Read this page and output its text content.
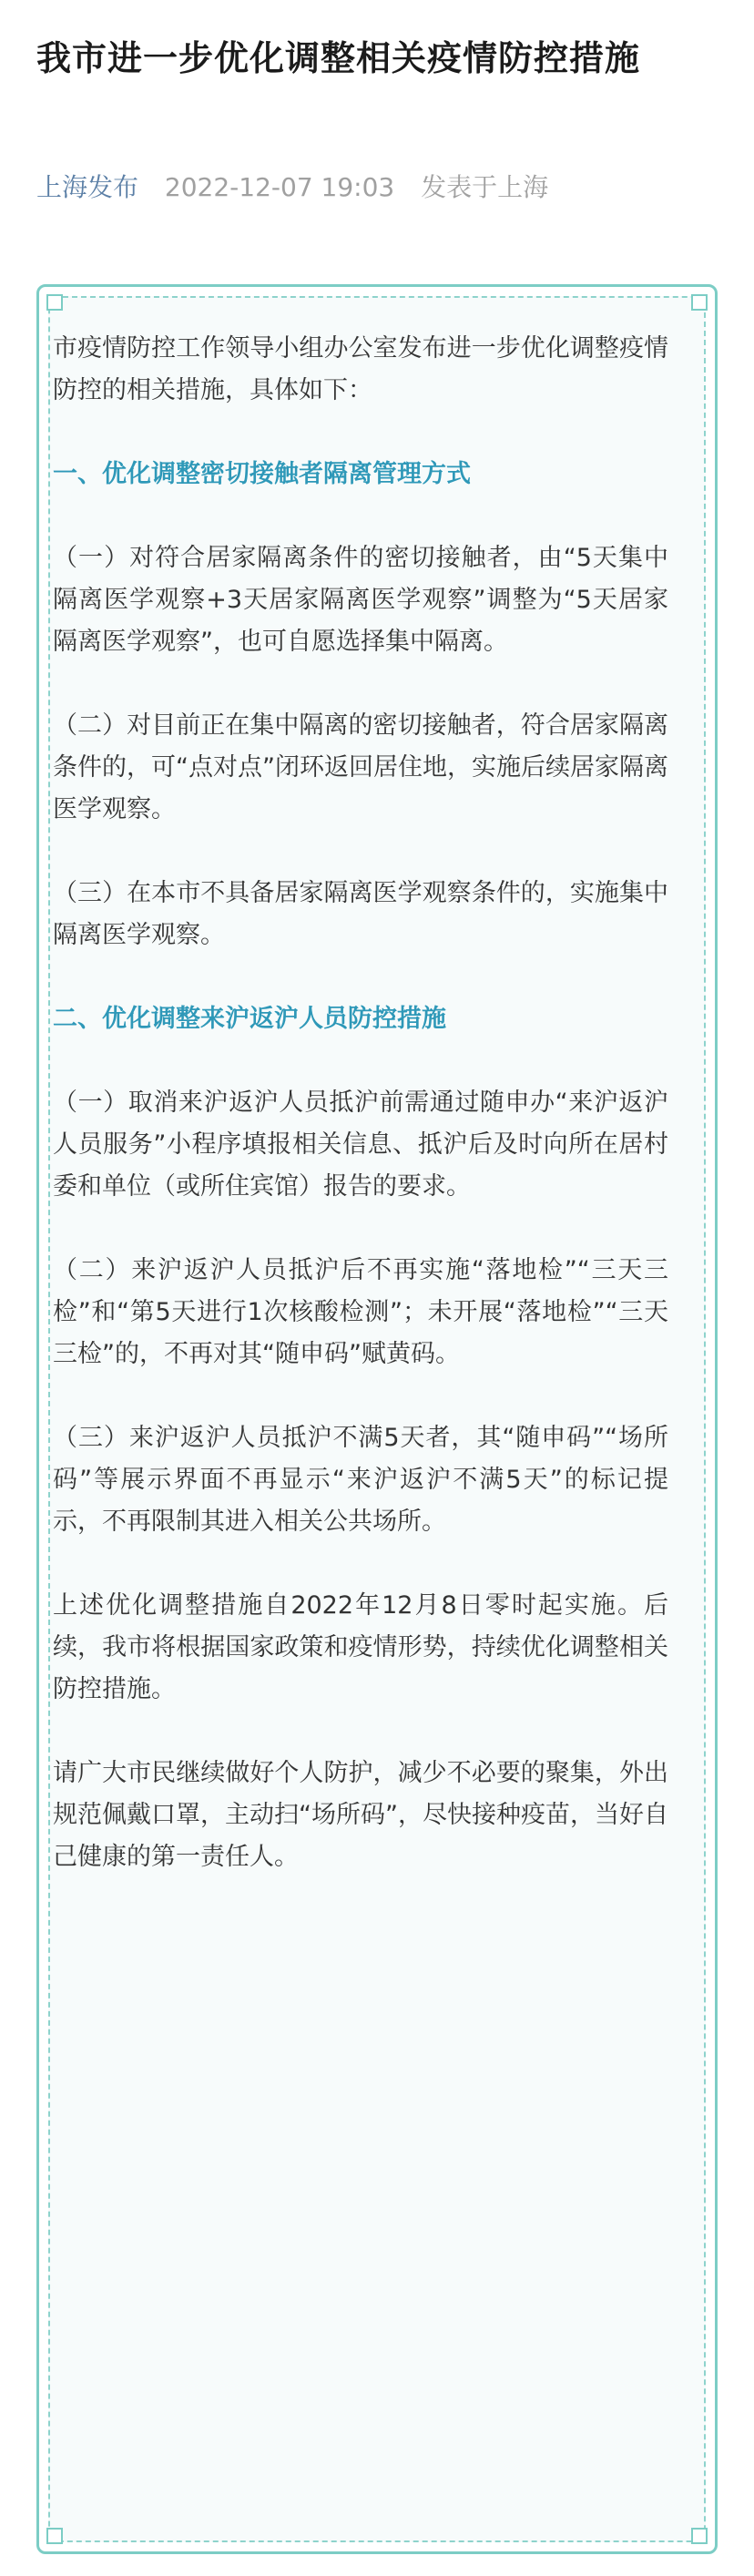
我市进一步优化调整相关疫情防控措施
上海发布 2022-12-07 19:03 发表于上海

市疫情防控工作领导小组办公室发布进一步优化调整疫情防控的相关措施，具体如下：

一、优化调整密切接触者隔离管理方式

（一）对符合居家隔离条件的密切接触者，由“5天集中隔离医学观察+3天居家隔离医学观察”调整为“5天居家隔离医学观察”，也可自愿选择集中隔离。

（二）对目前正在集中隔离的密切接触者，符合居家隔离条件的，可“点对点”闭环返回居住地，实施后续居家隔离医学观察。

（三）在本市不具备居家隔离医学观察条件的，实施集中隔离医学观察。

二、优化调整来沪返沪人员防控措施

（一）取消来沪返沪人员抵沪前需通过随申办“来沪返沪人员服务”小程序填报相关信息、抵沪后及时向所在居村委和单位（或所住宾馆）报告的要求。

（二）来沪返沪人员抵沪后不再实施“落地检”“三天三检”和“第5天进行1次核酸检测”；未开展“落地检”“三天三检”的，不再对其“随申码”赋黄码。

（三）来沪返沪人员抵沪不满5天者，其“随申码”“场所码”等展示界面不再显示“来沪返沪不满5天”的标记提示，不再限制其进入相关公共场所。

上述优化调整措施自2022年12月8日零时起实施。后续，我市将根据国家政策和疫情形势，持续优化调整相关防控措施。

请广大市民继续做好个人防护，减少不必要的聚集，外出规范佩戴口罩，主动扫“场所码”，尽快接种疫苗，当好自己健康的第一责任人。
